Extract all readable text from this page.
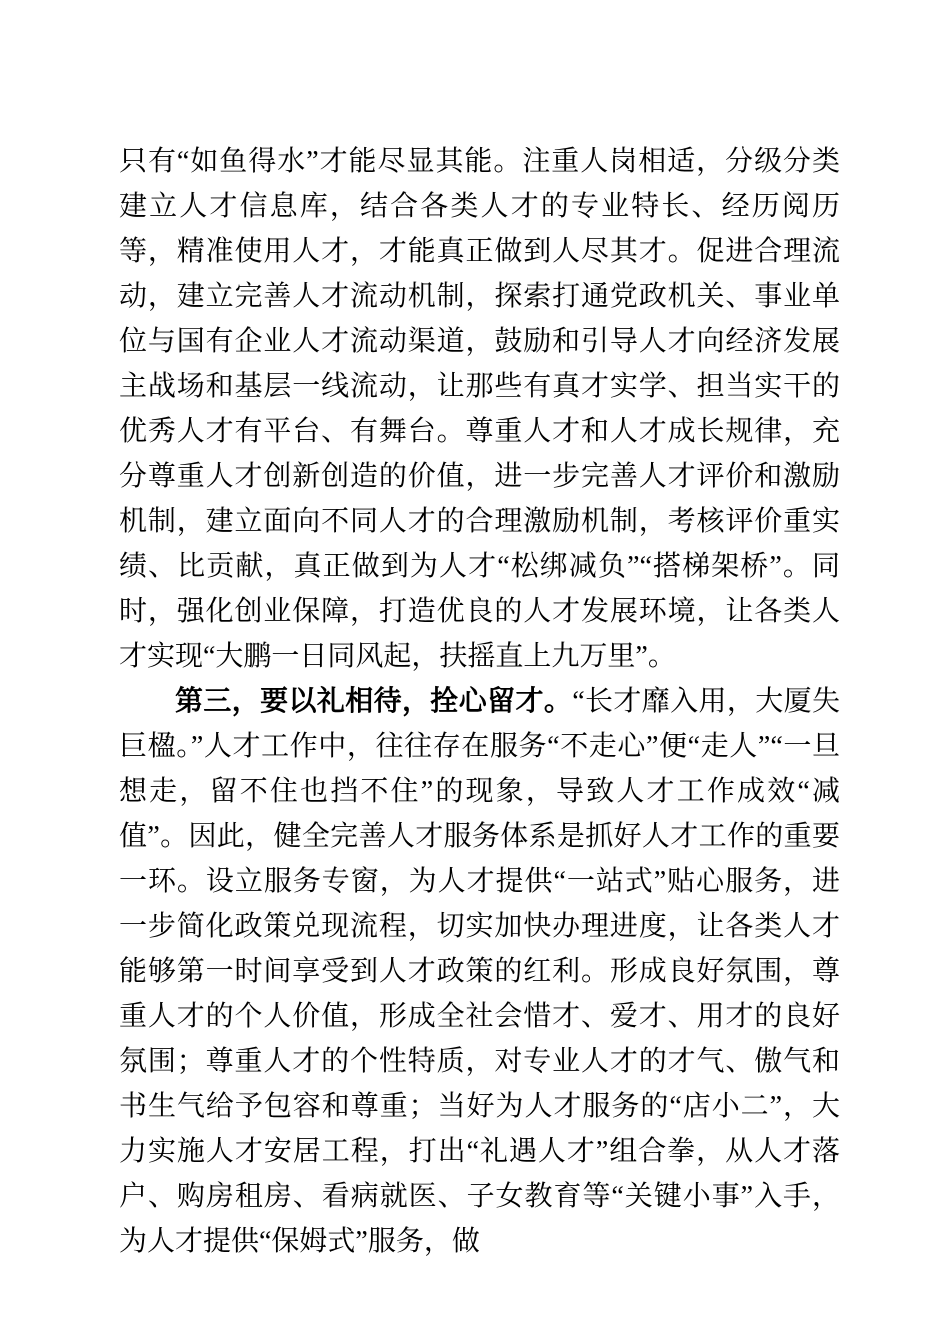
只有“如鱼得水”才能尽显其能。注重人岗相适，分级分类建立人才信息库，结合各类人才的专业特长、经历阅历等，精准使用人才，才能真正做到人尽其才。促进合理流动，建立完善人才流动机制，探索打通党政机关、事业单位与国有企业人才流动渠道，鼓励和引导人才向经济发展主战场和基层一线流动，让那些有真才实学、担当实干的优秀人才有平台、有舞台。尊重人才和人才成长规律，充分尊重人才创新创造的价值，进一步完善人才评价和激励机制，建立面向不同人才的合理激励机制，考核评价重实绩、比贡献，真正做到为人才“松绑减负”“搭梯架桥”。同时，强化创业保障，打造优良的人才发展环境，让各类人才实现“大鹏一日同风起，扶摇直上九万里”。

第三，要以礼相待，拴心留才。“长才靡入用，大厦失巨楹。”人才工作中，往往存在服务“不走心”便“走人”“一旦想走，留不住也挡不住”的现象，导致人才工作成效“减值”。因此，健全完善人才服务体系是抓好人才工作的重要一环。设立服务专窗，为人才提供“一站式”贴心服务，进一步简化政策兑现流程，切实加快办理进度，让各类人才能够第一时间享受到人才政策的红利。形成良好氛围，尊重人才的个人价值，形成全社会惜才、爱才、用才的良好氛围；尊重人才的个性特质，对专业人才的才气、傲气和书生气给予包容和尊重；当好为人才服务的“店小二”，大力实施人才安居工程，打出“礼遇人才”组合拳，从人才落户、购房租房、看病就医、子女教育等“关键小事”入手，为人才提供“保姆式”服务，做
